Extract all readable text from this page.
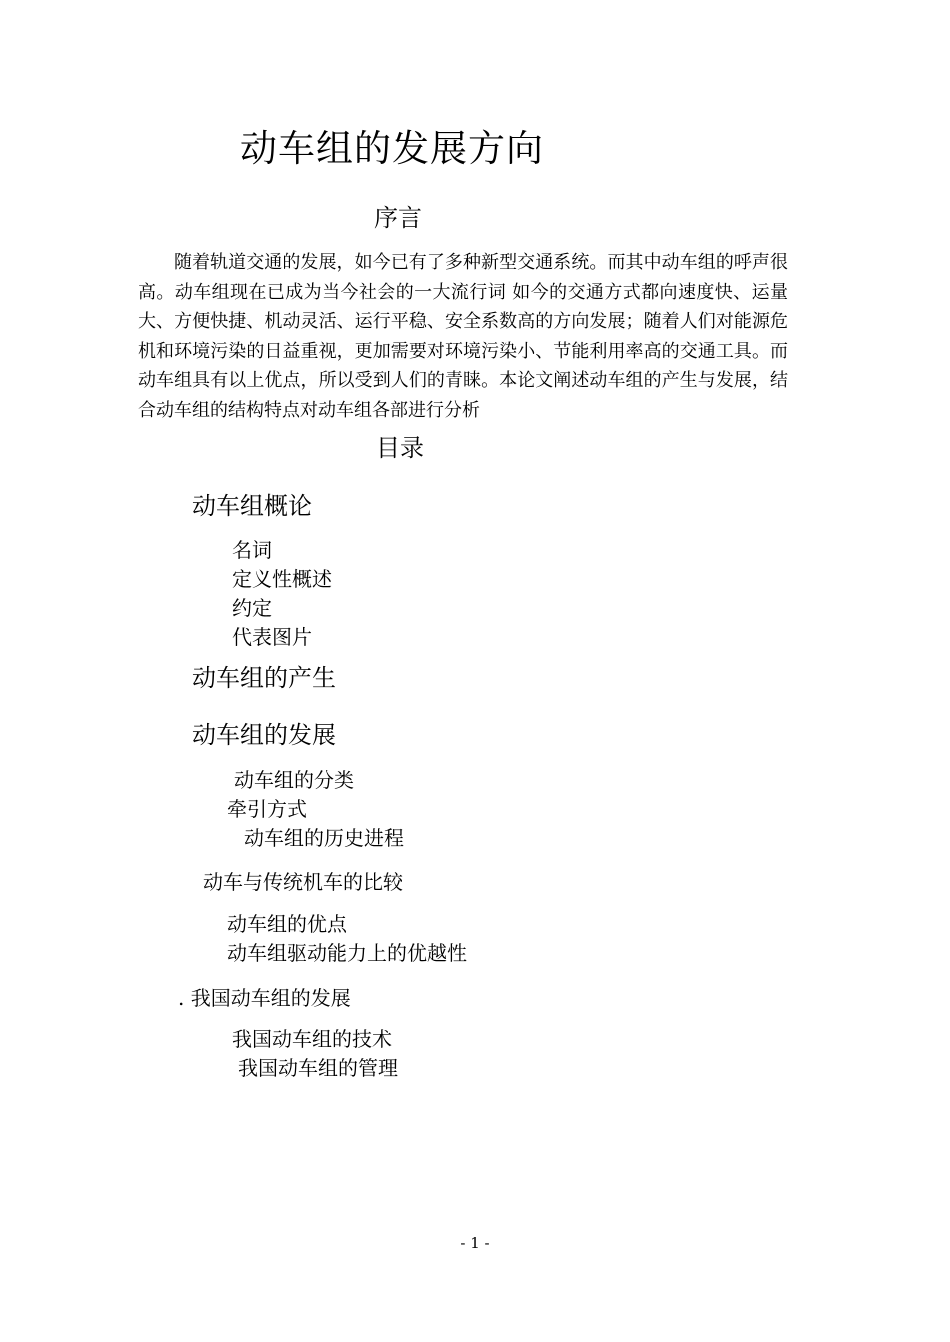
动车组的发展方向
序言

随着轨道交通的发展，如今已有了多种新型交通系统。而其中动车组的呼声很高。动车组现在已成为当今社会的一大流行词 如今的交通方式都向速度快、运量大、方便快捷、机动灵活、运行平稳、安全系数高的方向发展；随着人们对能源危机和环境污染的日益重视，更加需要对环境污染小、节能利用率高的交通工具。而动车组具有以上优点，所以受到人们的青睐。本论文阐述动车组的产生与发展，结合动车组的结构特点对动车组各部进行分析

目录
动车组概论
名词
定义性概述
约定
代表图片
动车组的产生
动车组的发展
动车组的分类
牵引方式
动车组的历史进程
动车与传统机车的比较
动车组的优点
动车组驱动能力上的优越性
. 我国动车组的发展
我国动车组的技术
我国动车组的管理
- 1 -
